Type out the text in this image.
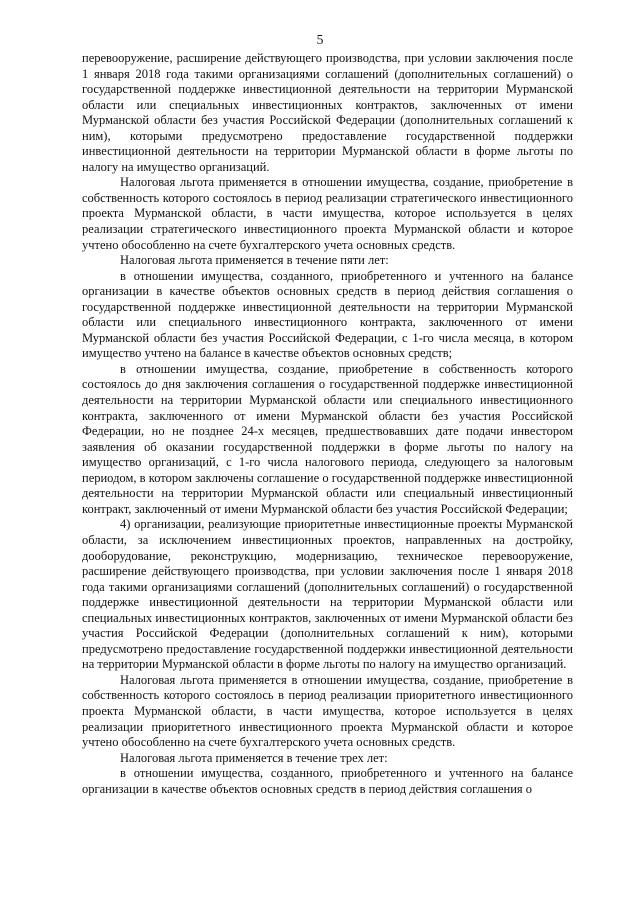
5

перевооружение, расширение действующего производства, при условии заключения после 1 января 2018 года такими организациями соглашений (дополнительных соглашений) о государственной поддержке инвестиционной деятельности на территории Мурманской области или специальных инвестиционных контрактов, заключенных от имени Мурманской области без участия Российской Федерации (дополнительных соглашений к ним), которыми предусмотрено предоставление государственной поддержки инвестиционной деятельности на территории Мурманской области в форме льготы по налогу на имущество организаций.

Налоговая льгота применяется в отношении имущества, создание, приобретение в собственность которого состоялось в период реализации стратегического инвестиционного проекта Мурманской области, в части имущества, которое используется в целях реализации стратегического инвестиционного проекта Мурманской области и которое учтено обособленно на счете бухгалтерского учета основных средств.

Налоговая льгота применяется в течение пяти лет:

в отношении имущества, созданного, приобретенного и учтенного на балансе организации в качестве объектов основных средств в период действия соглашения о государственной поддержке инвестиционной деятельности на территории Мурманской области или специального инвестиционного контракта, заключенного от имени Мурманской области без участия Российской Федерации, с 1-го числа месяца, в котором имущество учтено на балансе в качестве объектов основных средств;

в отношении имущества, создание, приобретение в собственность которого состоялось до дня заключения соглашения о государственной поддержке инвестиционной деятельности на территории Мурманской области или специального инвестиционного контракта, заключенного от имени Мурманской области без участия Российской Федерации, но не позднее 24-х месяцев, предшествовавших дате подачи инвестором заявления об оказании государственной поддержки в форме льготы по налогу на имущество организаций, с 1-го числа налогового периода, следующего за налоговым периодом, в котором заключены соглашение о государственной поддержке инвестиционной деятельности на территории Мурманской области или специальный инвестиционный контракт, заключенный от имени Мурманской области без участия Российской Федерации;

4) организации, реализующие приоритетные инвестиционные проекты Мурманской области, за исключением инвестиционных проектов, направленных на достройку, дооборудование, реконструкцию, модернизацию, техническое перевооружение, расширение действующего производства, при условии заключения после 1 января 2018 года такими организациями соглашений (дополнительных соглашений) о государственной поддержке инвестиционной деятельности на территории Мурманской области или специальных инвестиционных контрактов, заключенных от имени Мурманской области без участия Российской Федерации (дополнительных соглашений к ним), которыми предусмотрено предоставление государственной поддержки инвестиционной деятельности на территории Мурманской области в форме льготы по налогу на имущество организаций.

Налоговая льгота применяется в отношении имущества, создание, приобретение в собственность которого состоялось в период реализации приоритетного инвестиционного проекта Мурманской области, в части имущества, которое используется в целях реализации приоритетного инвестиционного проекта Мурманской области и которое учтено обособленно на счете бухгалтерского учета основных средств.

Налоговая льгота применяется в течение трех лет:

в отношении имущества, созданного, приобретенного и учтенного на балансе организации в качестве объектов основных средств в период действия соглашения о
